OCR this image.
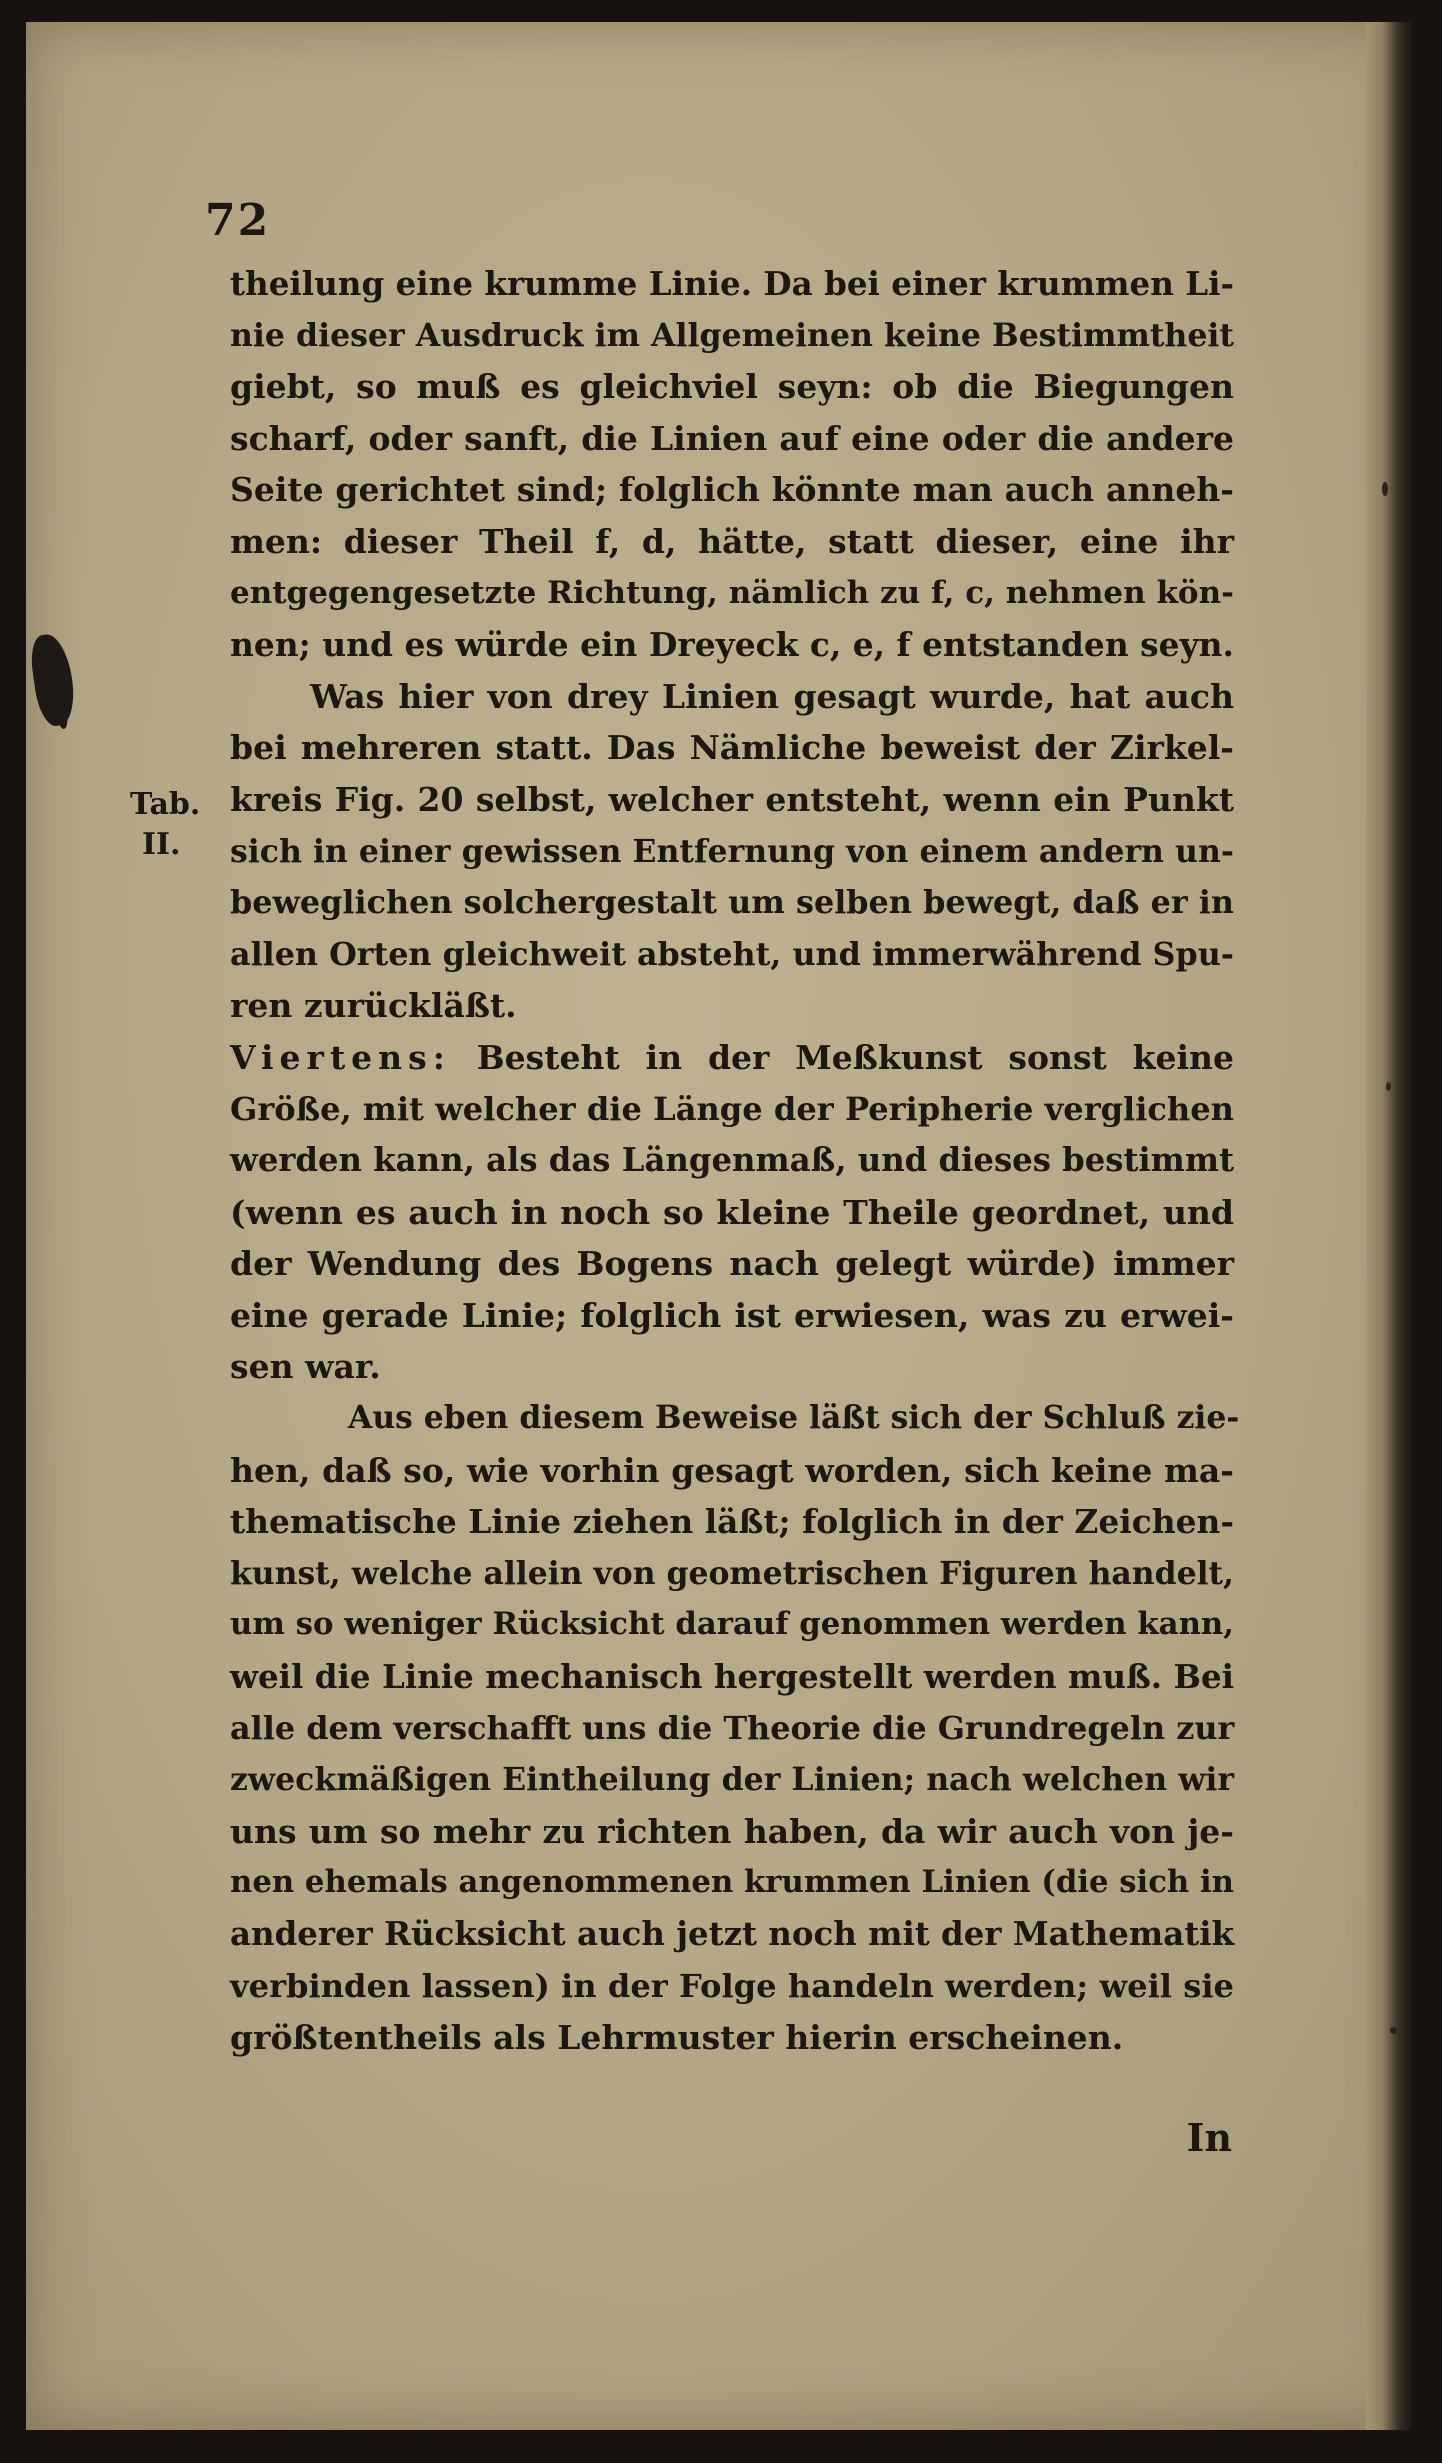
72
Tab.
II.
theilung eine krumme Linie. Da bei einer krummen Li-
nie dieser Ausdruck im Allgemeinen keine Bestimmtheit
giebt, so muß es gleichviel seyn: ob die Biegungen
scharf, oder sanft, die Linien auf eine oder die andere
Seite gerichtet sind; folglich könnte man auch anneh-
men: dieser Theil f, d, hätte, statt dieser, eine ihr
entgegengesetzte Richtung, nämlich zu f, c, nehmen kön-
nen; und es würde ein Dreyeck c, e, f entstanden seyn.
Was hier von drey Linien gesagt wurde, hat auch
bei mehreren statt. Das Nämliche beweist der Zirkel-
kreis Fig. 20 selbst, welcher entsteht, wenn ein Punkt
sich in einer gewissen Entfernung von einem andern un-
beweglichen solchergestalt um selben bewegt, daß er in
allen Orten gleichweit absteht, und immerwährend Spu-
ren zurückläßt.
Viertens: Besteht in der Meßkunst sonst keine
Größe, mit welcher die Länge der Peripherie verglichen
werden kann, als das Längenmaß, und dieses bestimmt
(wenn es auch in noch so kleine Theile geordnet, und
der Wendung des Bogens nach gelegt würde) immer
eine gerade Linie; folglich ist erwiesen, was zu erwei-
sen war.
Aus eben diesem Beweise läßt sich der Schluß zie-
hen, daß so, wie vorhin gesagt worden, sich keine ma-
thematische Linie ziehen läßt; folglich in der Zeichen-
kunst, welche allein von geometrischen Figuren handelt,
um so weniger Rücksicht darauf genommen werden kann,
weil die Linie mechanisch hergestellt werden muß. Bei
alle dem verschafft uns die Theorie die Grundregeln zur
zweckmäßigen Eintheilung der Linien; nach welchen wir
uns um so mehr zu richten haben, da wir auch von je-
nen ehemals angenommenen krummen Linien (die sich in
anderer Rücksicht auch jetzt noch mit der Mathematik
verbinden lassen) in der Folge handeln werden; weil sie
größtentheils als Lehrmuster hierin erscheinen.
In
